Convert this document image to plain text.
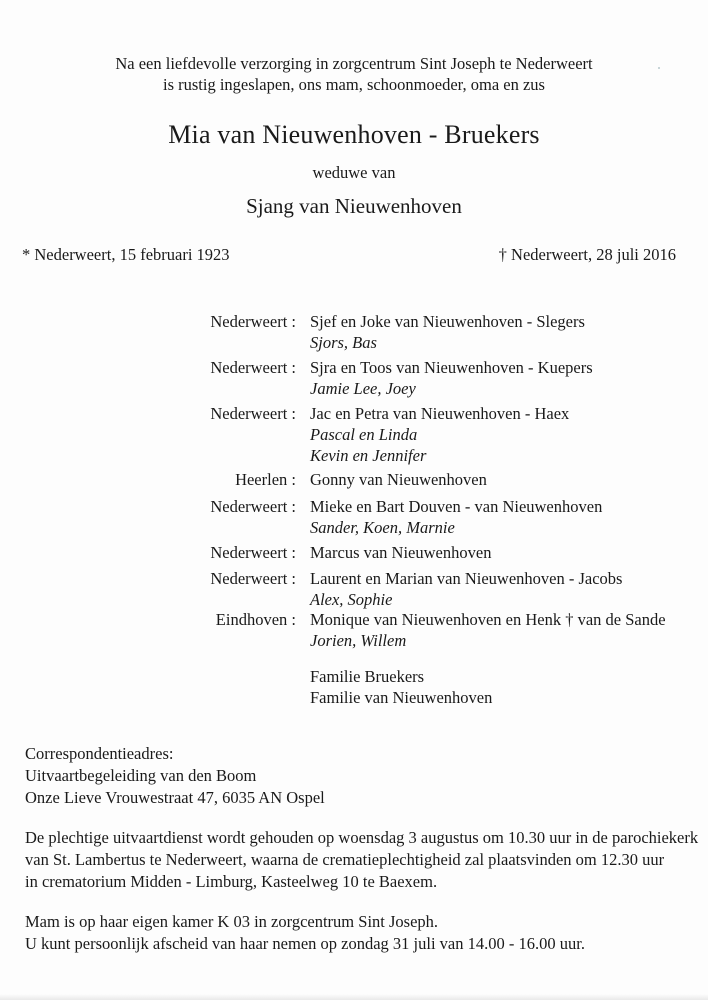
Na een liefdevolle verzorging in zorgcentrum Sint Joseph te Nederweert
is rustig ingeslapen, ons mam, schoonmoeder, oma en zus
Mia van Nieuwenhoven - Bruekers
weduwe van
Sjang van Nieuwenhoven
* Nederweert, 15 februari 1923	† Nederweert, 28 juli 2016
Nederweert : Sjef en Joke van Nieuwenhoven - Slegers
Sjors, Bas
Nederweert : Sjra en Toos van Nieuwenhoven - Kuepers
Jamie Lee, Joey
Nederweert : Jac en Petra van Nieuwenhoven - Haex
Pascal en Linda
Kevin en Jennifer
Heerlen : Gonny van Nieuwenhoven
Nederweert : Mieke en Bart Douven - van Nieuwenhoven
Sander, Koen, Marnie
Nederweert : Marcus van Nieuwenhoven
Nederweert : Laurent en Marian van Nieuwenhoven - Jacobs
Alex, Sophie
Eindhoven : Monique van Nieuwenhoven en Henk † van de Sande
Jorien, Willem
Familie Bruekers
Familie van Nieuwenhoven
Correspondentieadres:
Uitvaartbegeleiding van den Boom
Onze Lieve Vrouwestraat 47, 6035 AN Ospel
De plechtige uitvaartdienst wordt gehouden op woensdag 3 augustus om 10.30 uur in de parochiekerk
van St. Lambertus te Nederweert, waarna de crematieplechtigheid zal plaatsvinden om 12.30 uur
in crematorium Midden - Limburg, Kasteelweg 10 te Baexem.
Mam is op haar eigen kamer K 03 in zorgcentrum Sint Joseph.
U kunt persoonlijk afscheid van haar nemen op zondag 31 juli van 14.00 - 16.00 uur.
